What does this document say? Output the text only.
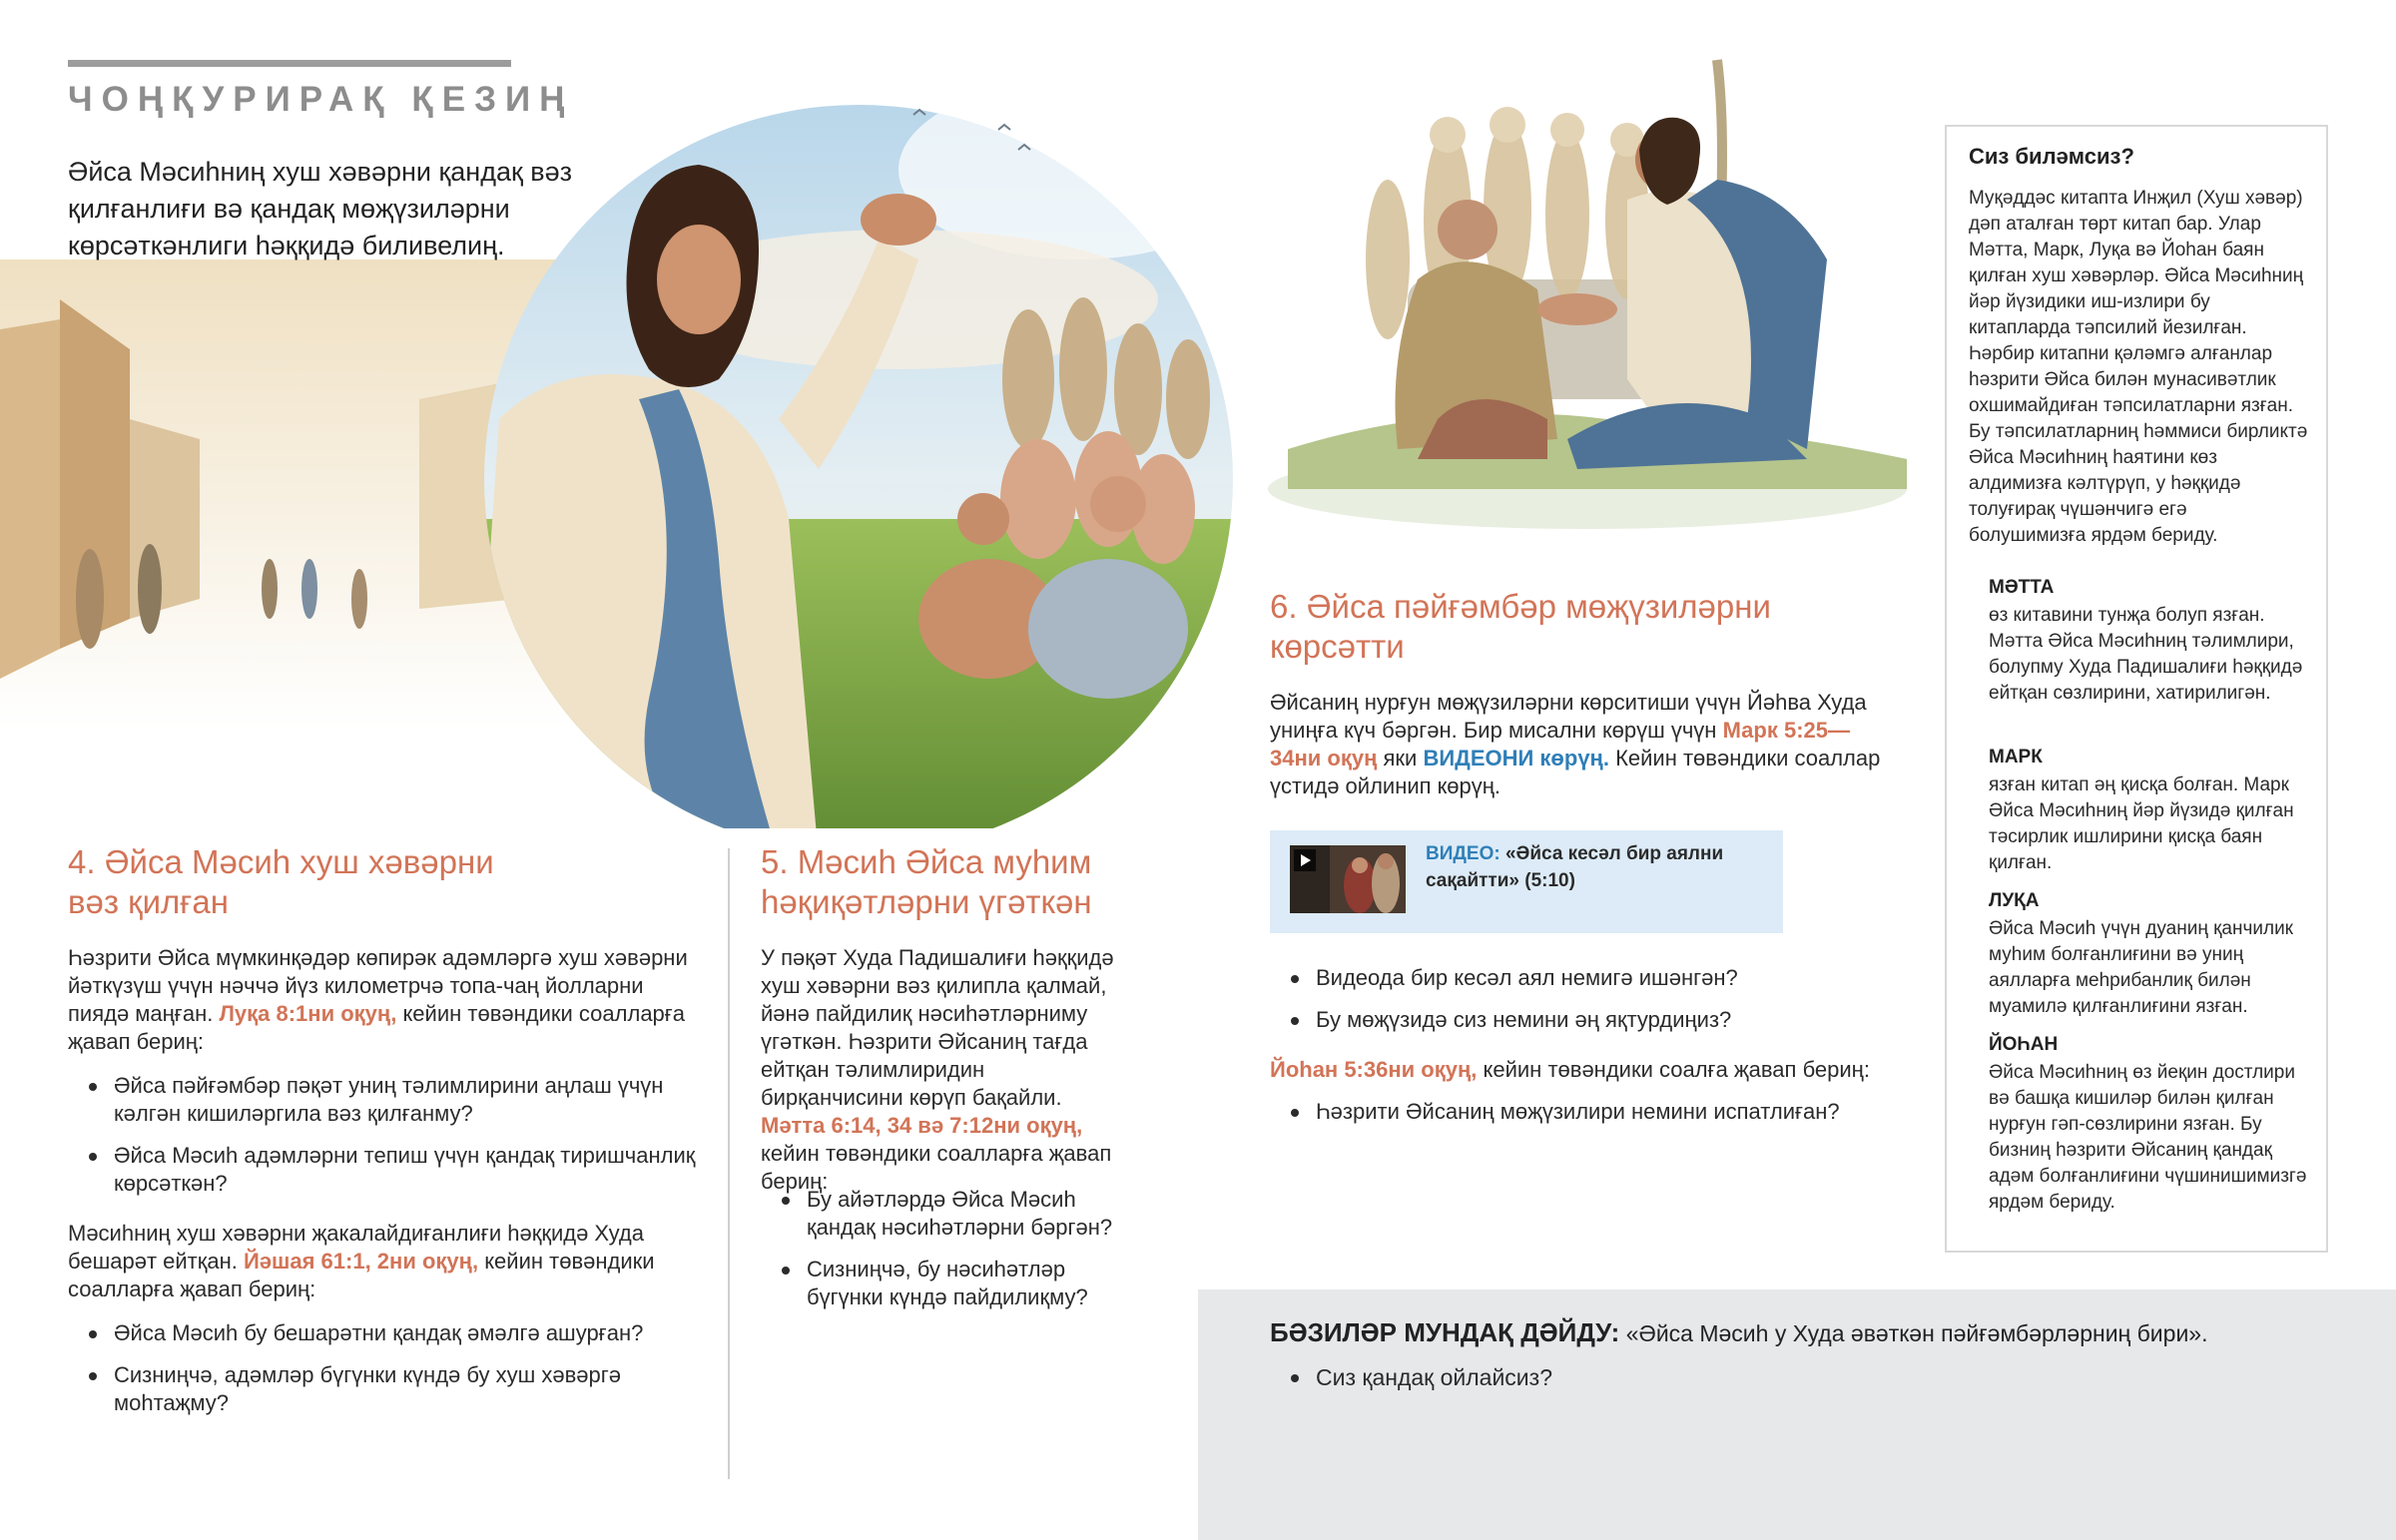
ЧОҢҚУРИРАҚ ҚЕЗИҢ
Әйса Мәсиһниң хуш хәвәрни қандақ вәз қилғанлиғи вә қандақ мөҗүзиләрни көрсәткәнлиги һәққидә биливелиң.
4. Әйса Мәсиһ хуш хәвәрни
вәз қилған

Һәзрити Әйса мүмкинқәдәр көпирәк адәмләргә хуш хәвәрни йәткүзүш үчүн нәччә йүз километрчә топа-чаң йолларни пиядә маңған. Луқа 8:1ни оқуң, кейин төвәндики соалларға җавап бериң:

Әйса пәйғәмбәр пәқәт униң тәлимлирини аңлаш үчүн кәлгән кишиләргила вәз қилғанму?
Әйса Мәсиһ адәмләрни тепиш үчүн қандақ тиришчанлиқ көрсәткән?

Мәсиһниң хуш хәвәрни җакалайдиғанлиғи һәққидә Худа бешарәт ейтқан. Йәшая 61:1, 2ни оқуң, кейин төвәндики соалларға җавап бериң:

Әйса Мәсиһ бу бешарәтни қандақ әмәлгә ашурған?
Сизниңчә, адәмләр бүгүнки күндә бу хуш хәвәргә моһтаҗму?
5. Мәсиһ Әйса муһим
һәқиқәтләрни үгәткән

У пәқәт Худа Падишалиғи һәққидә хуш хәвәрни вәз қилипла қалмай, йәнә пайдилиқ нәсиһәтләрниму үгәткән. Һәзрити Әйсаниң тағда ейтқан тәлимлиридин бирқанчисини көрүп бақайли. Мәтта 6:14, 34 вә 7:12ни оқуң, кейин төвәндики соалларға җавап бериң:

Бу айәтләрдә Әйса Мәсиһ қандақ нәсиһәтләрни бәргән?
Сизниңчә, бу нәсиһәтләр бүгүнки күндә пайдилиқму?
6. Әйса пәйғәмбәр мөҗүзиләрни
көрсәтти

Әйсаниң нурғун мөҗүзиләрни көрситиши үчүн Йәһва Худа униңға күч бәргән. Бир мисални көрүш үчүн Марк 5:25—34ни оқуң яки ВИДЕОНИ көрүң. Кейин төвәндики соаллар үстидә ойлинип көрүң.

ВИДЕО: «Әйса кесәл бир аялни сақайтти» (5:10)
Видеода бир кесәл аял немигә ишәнгән?
Бу мөҗүзидә сиз немини әң яқтурдиңиз?

Йоһан 5:36ни оқуң, кейин төвәндики соалға җавап бериң:

Һәзрити Әйсаниң мөҗүзилири немини испатлиған?
Сиз биләмсиз?

Муқәддәс китапта Инҗил (Хуш хәвәр) дәп аталған төрт китап бар. Улар Мәтта, Марк, Луқа вә Йоһан баян қилған хуш хәвәрләр. Әйса Мәсиһниң йәр йүзидики иш-излири бу китапларда тәпсилий йезилған. Һәрбир китапни қәләмгә алғанлар һәзрити Әйса билән мунасивәтлик охшимайдиған тәпсилатларни язған. Бу тәпсилатларниң һәммиси бирликтә Әйса Мәсиһниң һаятини көз алдимизға кәлтүрүп, у һәққидә толуғирақ чүшәнчигә егә болушимизға ярдәм бериду.

МӘТТА

өз китавини тунҗа болуп язған. Мәтта Әйса Мәсиһниң тәлимлири, болупму Худа Падишалиғи һәққидә ейтқан сөзлирини, хатирилигән.

МАРК

язған китап әң қисқа болған. Марк Әйса Мәсиһниң йәр йүзидә қилған тәсирлик ишлирини қисқа баян қилған.

ЛУҚА

Әйса Мәсиһ үчүн дуаниң қанчилик муһим болғанлиғини вә униң аялларға меһрибанлиқ билән муамилә қилғанлиғини язған.

ЙОҺАН

Әйса Мәсиһниң өз йеқин достлири вә башқа кишиләр билән қилған нурғун гәп-сөзлирини язған. Бу бизниң һәзрити Әйсаниң қандақ адәм болғанлиғини чүшинишимизгә ярдәм бериду.

БӘЗИЛӘР МУНДАҚ ДӘЙДУ: «Әйса Мәсиһ у Худа әвәткән пәйғәмбәрләрниң бири».
Сиз қандақ ойлайсиз?
